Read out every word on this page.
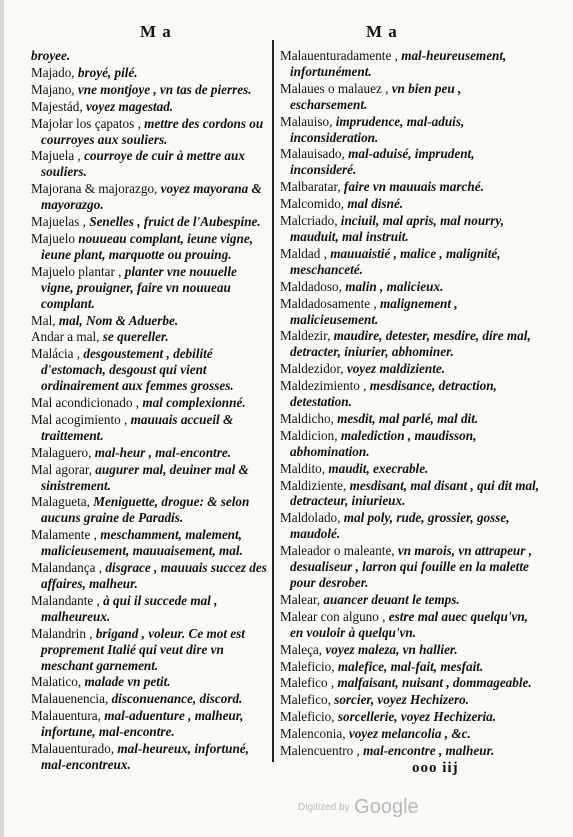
M a	M a
broyee.
Majado, broyé, pilé.
Majano, vne montjoye , vn tas de pierres.
Majestád, voyez magestad.
Majolar los çapatos , mettre des cordons ou courroyes aux souliers.
Majuela , courroye de cuir à mettre aux souliers.
Majorana & majorazgo, voyez mayorana & mayorazgo.
Majuelas , Senelles , fruict de l'Aubespine.
Majuelo nouueau complant, ieune vigne, ieune plant, marquotte ou prouing.
Majuelo plantar , planter vne nouuelle vigne, prouigner, faire vn nouueau complant.
Mal, mal, Nom & Aduerbe.
Andar a mal, se quereller.
Malácia , desgoustement , debilité d'estomach, desgoust qui vient ordinairement aux femmes grosses.
Mal acondicionado , mal complexionné.
Mal acogimiento , mauuais accueil & traittement.
Malaguero, mal-heur , mal-encontre.
Mal agorar, augurer mal, deuiner mal & sinistrement.
Malagueta, Meniguette, drogue: & selon aucuns graine de Paradis.
Malamente , meschamment, malement, malicieusement, mauuaisement, mal.
Malandança , disgrace , mauuais succez des affaires, malheur.
Malandante , à qui il succede mal , malheureux.
Malandrin , brigand , voleur. Ce mot est proprement Italié qui veut dire vn meschant garnement.
Malatico, malade vn petit.
Malauenencia, disconuenance, discord.
Malauentura, mal-aduenture , malheur, infortune, mal-encontre.
Malauenturado, mal-heureux, infortuné, mal-encontreux.
Malauenturadamente , mal-heureusement, infortunément.
Malaues o malauez , vn bien peu , escharsement.
Malauiso, imprudence, mal-aduis, inconsideration.
Malauisado, mal-aduisé, imprudent, inconsideré.
Malbaratar, faire vn mauuais marché.
Malcomido, mal disné.
Malcriado, inciuil, mal apris, mal nourry, mauduit, mal instruit.
Maldad , mauuaistié , malice , malignité, meschanceté.
Maldadoso, malin , malicieux.
Maldadosamente , malignement , malicieusement.
Maldezir, maudire, detester, mesdire, dire mal, detracter, iniurier, abhominer.
Maldezidor, voyez maldiziente.
Maldezimiento , mesdisance, detraction, detestation.
Maldicho, mesdit, mal parlé, mal dit.
Maldicion, malediction , maudisson, abhomination.
Maldito, maudit, execrable.
Maldiziente, mesdisant, mal disant , qui dit mal, detracteur, iniurieux.
Maldolado, mal poly, rude, grossier, gosse, maudolé.
Maleador o maleante, vn marois, vn attrapeur , desualiseur , larron qui fouille en la malette pour desrober.
Malear, auancer deuant le temps.
Malear con alguno , estre mal auec quelqu'vn, en vouloir à quelqu'vn.
Maleça, voyez maleza, vn hallier.
Maleficio, malefice, mal-fait, mesfait.
Malefico , malfaisant, nuisant , dommageable.
Malefico, sorcier, voyez Hechizero.
Maleficio, sorcellerie, voyez Hechizeria.
Malenconia, voyez melancolia , &c.
Malencuentro , mal-encontre , malheur.
ooo iij
Digitized by Google
